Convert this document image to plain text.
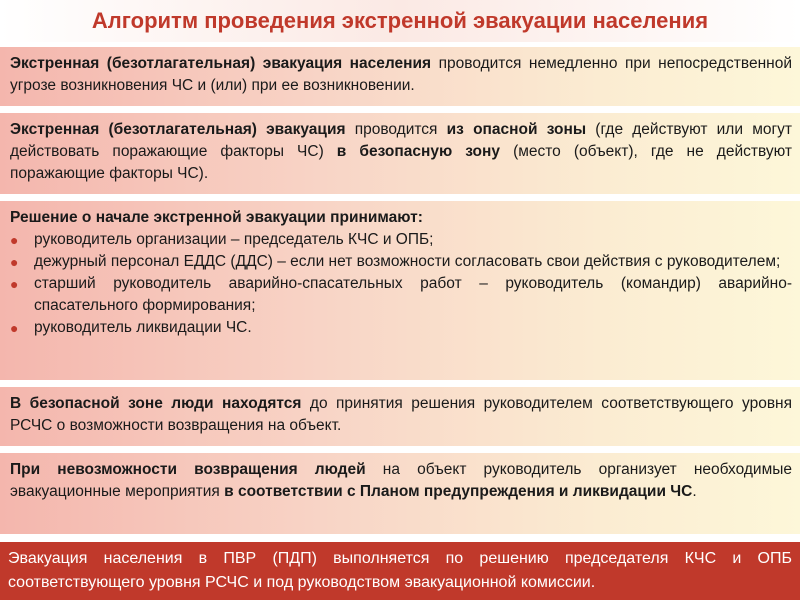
Алгоритм проведения экстренной эвакуации населения
Экстренная (безотлагательная) эвакуация населения проводится немедленно при непосредственной угрозе возникновения ЧС и (или) при ее возникновении.
Экстренная (безотлагательная) эвакуация проводится из опасной зоны (где действуют или могут действовать поражающие факторы ЧС) в безопасную зону (место (объект), где не действуют поражающие факторы ЧС).
Решение о начале экстренной эвакуации принимают:
● руководитель организации – председатель КЧС и ОПБ;
● дежурный персонал ЕДДС (ДДС) – если нет возможности согласовать свои действия с руководителем;
● старший руководитель аварийно-спасательных работ – руководитель (командир) аварийно-спасательного формирования;
● руководитель ликвидации ЧС.
В безопасной зоне люди находятся до принятия решения руководителем соответствующего уровня РСЧС о возможности возвращения на объект.
При невозможности возвращения людей на объект руководитель организует необходимые эвакуационные мероприятия в соответствии с Планом предупреждения и ликвидации ЧС.
Эвакуация населения в ПВР (ПДП) выполняется по решению председателя КЧС и ОПБ соответствующего уровня РСЧС и под руководством эвакуационной комиссии.
